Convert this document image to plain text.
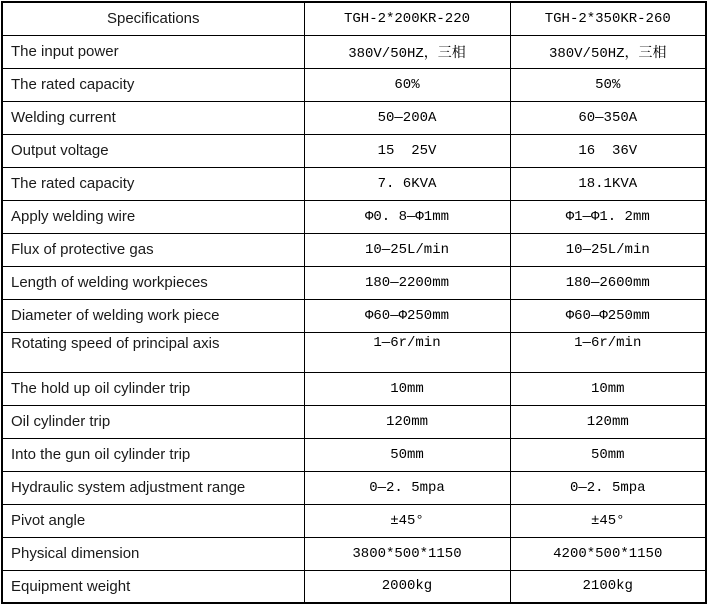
Specifications	TGH-2*200KR-220	TGH-2*350KR-260
The input power	380V/50HZ，三相	380V/50HZ，三相
The rated capacity	60%	50%
Welding current	50—200A	60—350A
Output voltage	15  25V	16  36V
The rated capacity	7. 6KVA	18.1KVA
Apply welding wire	Φ0. 8—Φ1mm	Φ1—Φ1. 2mm
Flux of protective gas	10—25L/min	10—25L/min
Length of welding workpieces	180—2200mm	180—2600mm
Diameter of welding work piece	Φ60—Φ250mm	Φ60—Φ250mm
Rotating speed of principal axis	1—6r/min	1—6r/min
The hold up oil cylinder trip	10mm	10mm
Oil cylinder trip	120mm	120mm
Into the gun oil cylinder trip	50mm	50mm
Hydraulic system adjustment range	0—2. 5mpa	0—2. 5mpa
Pivot angle	±45°	±45°
Physical dimension	3800*500*1150	4200*500*1150
Equipment weight	2000kg	2100kg
